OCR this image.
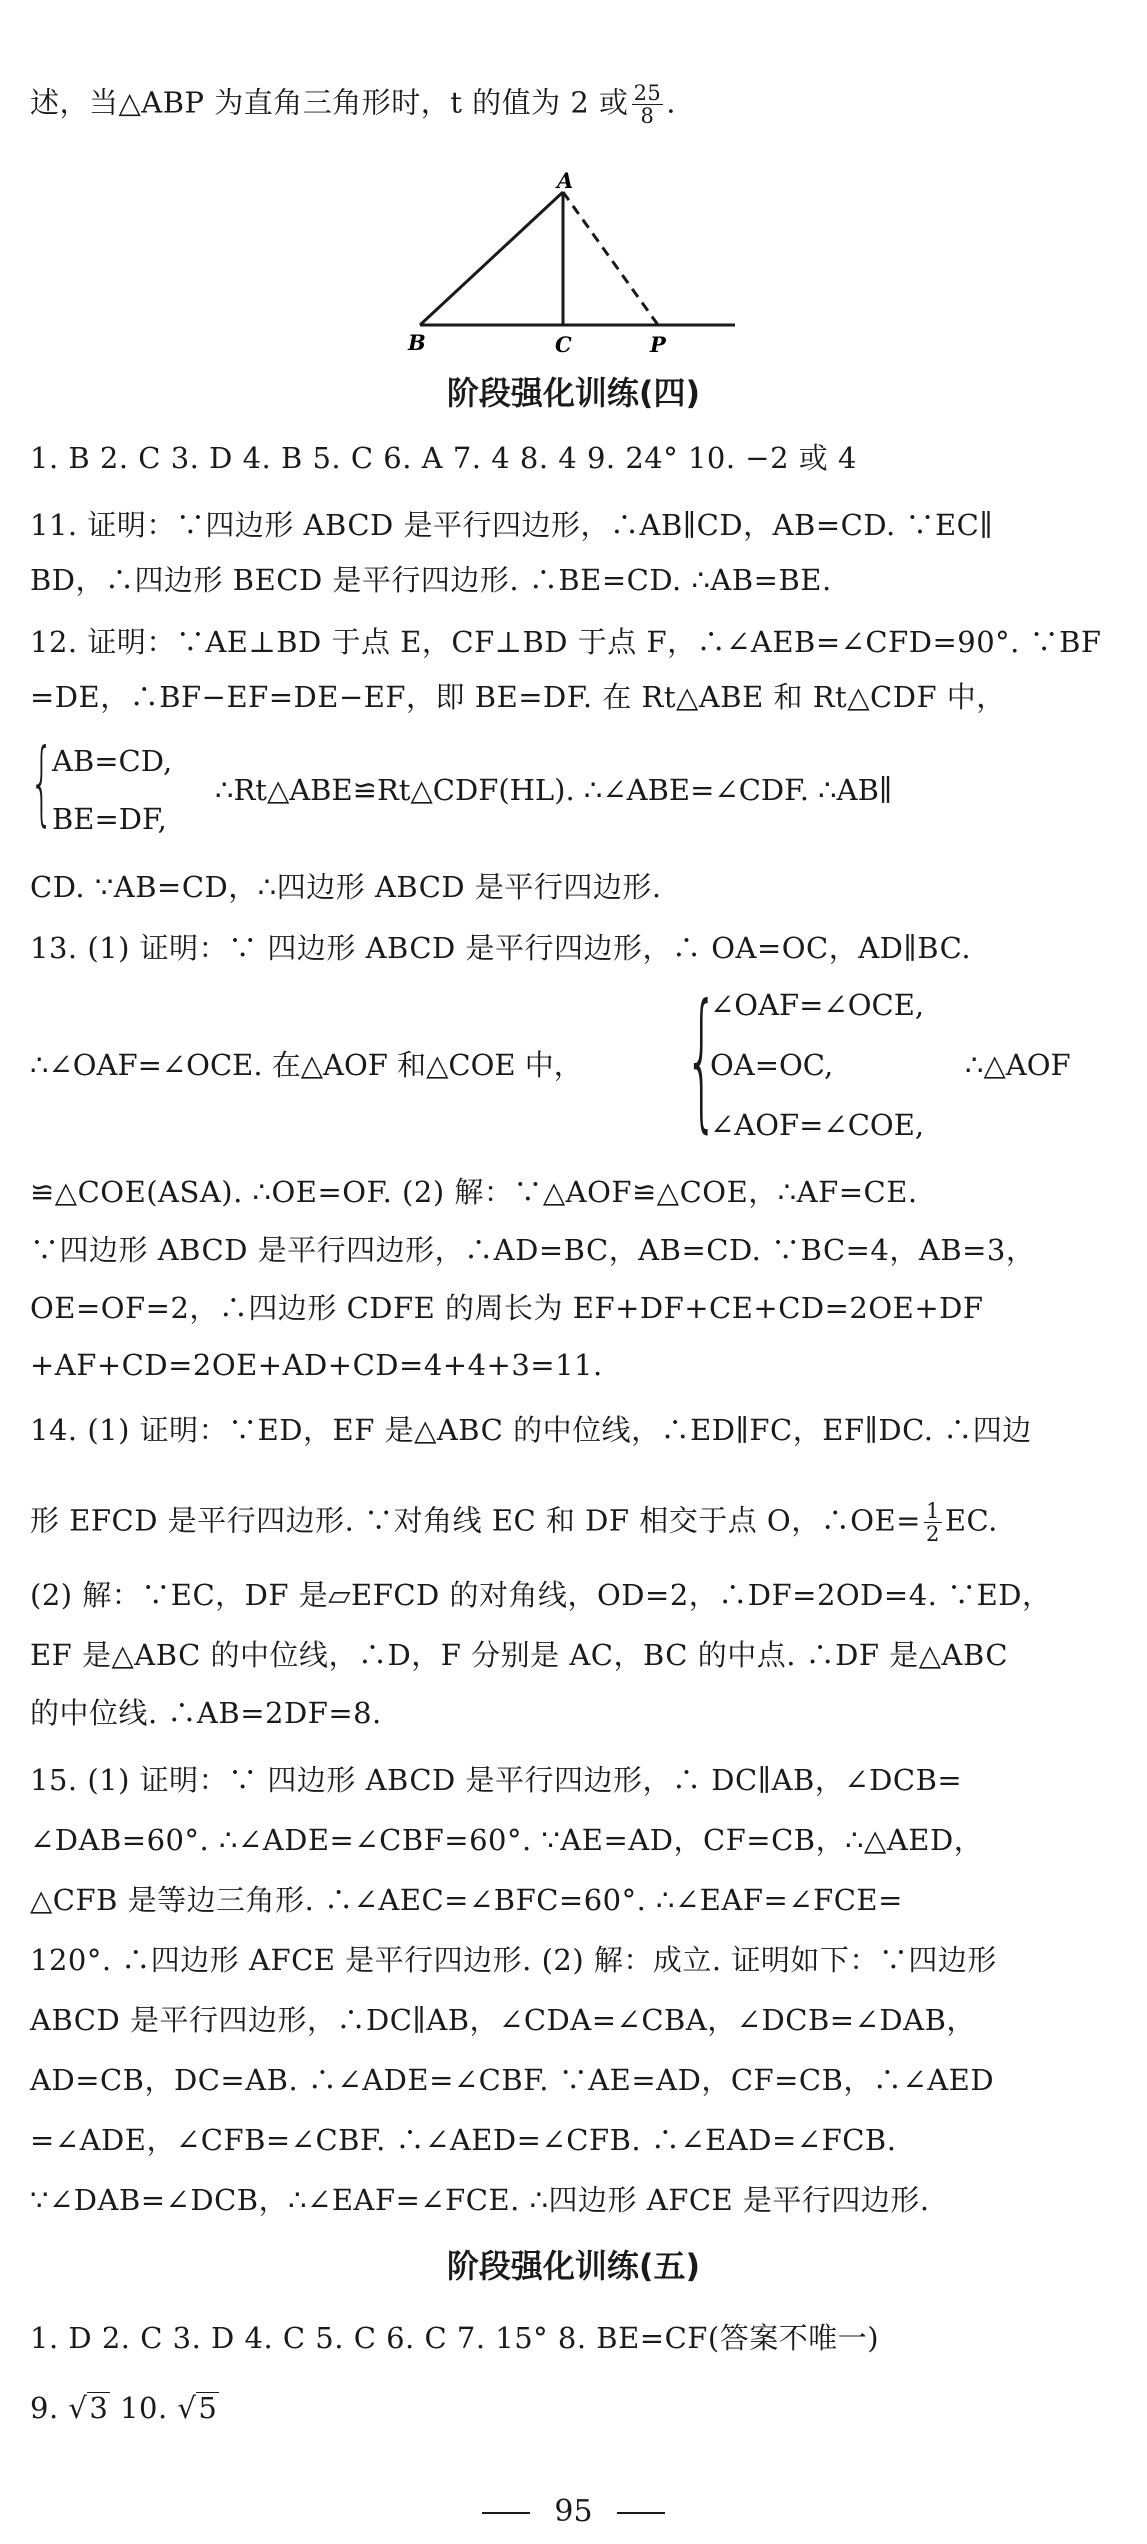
述，当△ABP 为直角三角形时，t 的值为 2 或 $\frac{25}{8}$ .
A
B	C	P
阶段强化训练(四)
1. B 2. C 3. D 4. B 5. C 6. A 7. 4 8. 4 9. 24° 10. −2 或 4
11. 证明：∵四边形 ABCD 是平行四边形，∴AB∥CD，AB=CD. ∵EC∥
BD，∴四边形 BECD 是平行四边形. ∴BE=CD. ∴AB=BE.
12. 证明：∵AE⊥BD 于点 E，CF⊥BD 于点 F，∴∠AEB=∠CFD=90°. ∵BF
=DE，∴BF−EF=DE−EF，即 BE=DF. 在 Rt△ABE 和 Rt△CDF 中，
{
AB=CD,
BE=DF,
∴Rt△ABE≌Rt△CDF(HL). ∴∠ABE=∠CDF. ∴AB∥
CD. ∵AB=CD，∴四边形 ABCD 是平行四边形.
13. (1) 证明：∵ 四边形 ABCD 是平行四边形，∴ OA=OC，AD∥BC.
∴∠OAF=∠OCE. 在△AOF 和△COE 中， {
∠OAF=∠OCE,
OA=OC,
∠AOF=∠COE,
∴△AOF
≌△COE(ASA). ∴OE=OF. (2) 解：∵△AOF≌△COE，∴AF=CE.
∵四边形 ABCD 是平行四边形，∴AD=BC，AB=CD. ∵BC=4，AB=3，
OE=OF=2，∴四边形 CDFE 的周长为 EF+DF+CE+CD=2OE+DF
+AF+CD=2OE+AD+CD=4+4+3=11.
14. (1) 证明：∵ED，EF 是△ABC 的中位线，∴ED∥FC，EF∥DC. ∴四边
形 EFCD 是平行四边形. ∵对角线 EC 和 DF 相交于点 O，∴OE= $\frac{1}{2}$ EC.
(2) 解：∵EC，DF 是▱EFCD 的对角线，OD=2，∴DF=2OD=4. ∵ED，
EF 是△ABC 的中位线，∴D，F 分别是 AC，BC 的中点. ∴DF 是△ABC
的中位线. ∴AB=2DF=8.
15. (1) 证明：∵ 四边形 ABCD 是平行四边形，∴ DC∥AB，∠DCB=
∠DAB=60°. ∴∠ADE=∠CBF=60°. ∵AE=AD，CF=CB，∴△AED，
△CFB 是等边三角形. ∴∠AEC=∠BFC=60°. ∴∠EAF=∠FCE=
120°. ∴四边形 AFCE 是平行四边形. (2) 解：成立. 证明如下：∵四边形
ABCD 是平行四边形，∴DC∥AB，∠CDA=∠CBA，∠DCB=∠DAB，
AD=CB，DC=AB. ∴∠ADE=∠CBF. ∵AE=AD，CF=CB，∴∠AED
=∠ADE，∠CFB=∠CBF. ∴∠AED=∠CFB. ∴∠EAD=∠FCB.
∵∠DAB=∠DCB，∴∠EAF=∠FCE. ∴四边形 AFCE 是平行四边形.
阶段强化训练(五)
1. D 2. C 3. D 4. C 5. C 6. C 7. 15° 8. BE=CF(答案不唯一)
9. √3 10. √5
95
